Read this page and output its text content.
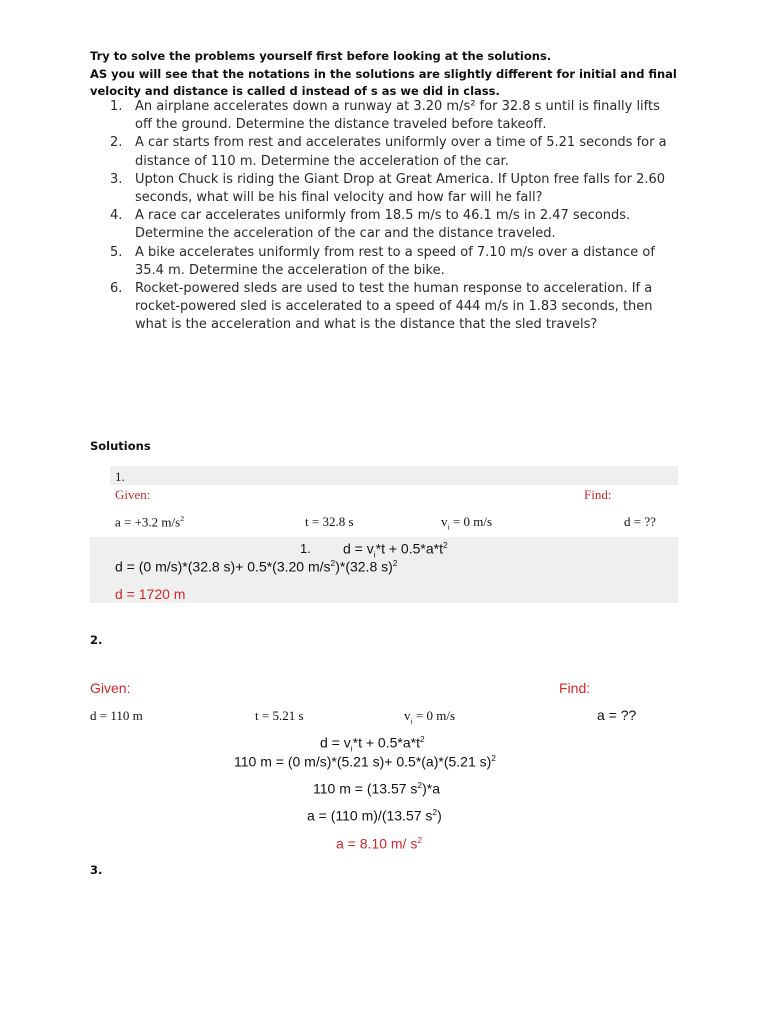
Try to solve the problems yourself first before looking at the solutions.

AS you will see that the notations in the solutions are slightly different for initial and final velocity and distance is called d instead of s as we did in class.

1. An airplane accelerates down a runway at 3.20 m/s² for 32.8 s until is finally lifts off the ground. Determine the distance traveled before takeoff.
2. A car starts from rest and accelerates uniformly over a time of 5.21 seconds for a distance of 110 m. Determine the acceleration of the car.
3. Upton Chuck is riding the Giant Drop at Great America. If Upton free falls for 2.60 seconds, what will be his final velocity and how far will he fall?
4. A race car accelerates uniformly from 18.5 m/s to 46.1 m/s in 2.47 seconds. Determine the acceleration of the car and the distance traveled.
5. A bike accelerates uniformly from rest to a speed of 7.10 m/s over a distance of 35.4 m. Determine the acceleration of the bike.
6. Rocket-powered sleds are used to test the human response to acceleration. If a rocket-powered sled is accelerated to a speed of 444 m/s in 1.83 seconds, then what is the acceleration and what is the distance that the sled travels?
Solutions
1.
Given:	Find:
a = +3.2 $m/s^2$	t = 32.8 s	$v_i = 0$ m/s	d = ??
1. $d = v_i*t + 0.5*a*t^2$
d = (0 m/s)*(32.8 s)+ 0.5*(3.20 $m/s^2)*(32.8$ s)$^2$
d = 1720 m
2.
Given:	Find:
d = 110 m	t = 5.21 s	$v_i = 0$ m/s	a = ??
$d = v_i*t + 0.5*a*t^2$
110 m = (0 m/s)*(5.21 s)+ 0.5*(a)*(5.21 s)$^2$
110 m = (13.57 $s^2)*a$
a = (110 m)/(13.57 $s^2$)
a = 8.10 m/ $s^2$
3.
